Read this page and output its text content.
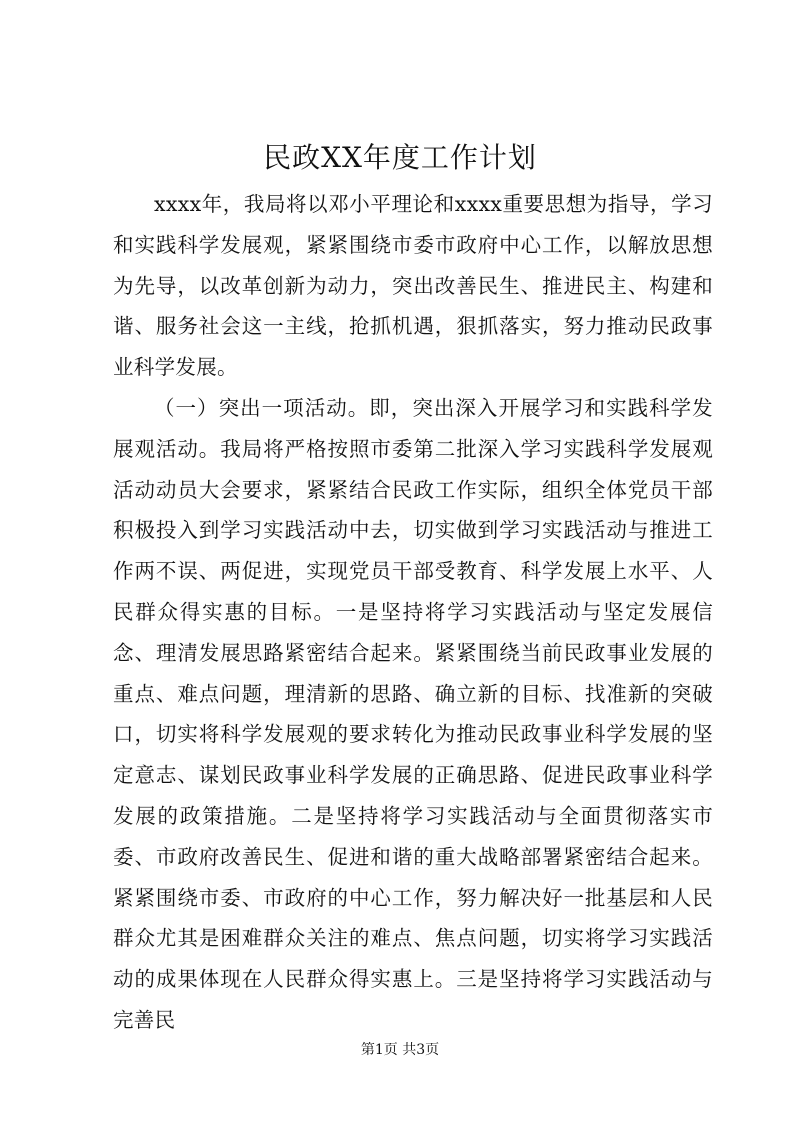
民政XX年度工作计划

xxxx年，我局将以邓小平理论和xxxx重要思想为指导，学习和实践科学发展观，紧紧围绕市委市政府中心工作，以解放思想为先导，以改革创新为动力，突出改善民生、推进民主、构建和谐、服务社会这一主线，抢抓机遇，狠抓落实，努力推动民政事业科学发展。

（一）突出一项活动。即，突出深入开展学习和实践科学发展观活动。我局将严格按照市委第二批深入学习实践科学发展观活动动员大会要求，紧紧结合民政工作实际，组织全体党员干部积极投入到学习实践活动中去，切实做到学习实践活动与推进工作两不误、两促进，实现党员干部受教育、科学发展上水平、人民群众得实惠的目标。一是坚持将学习实践活动与坚定发展信念、理清发展思路紧密结合起来。紧紧围绕当前民政事业发展的重点、难点问题，理清新的思路、确立新的目标、找准新的突破口，切实将科学发展观的要求转化为推动民政事业科学发展的坚定意志、谋划民政事业科学发展的正确思路、促进民政事业科学发展的政策措施。二是坚持将学习实践活动与全面贯彻落实市委、市政府改善民生、促进和谐的重大战略部署紧密结合起来。紧紧围绕市委、市政府的中心工作，努力解决好一批基层和人民群众尤其是困难群众关注的难点、焦点问题，切实将学习实践活动的成果体现在人民群众得实惠上。三是坚持将学习实践活动与完善民

第1页 共3页
